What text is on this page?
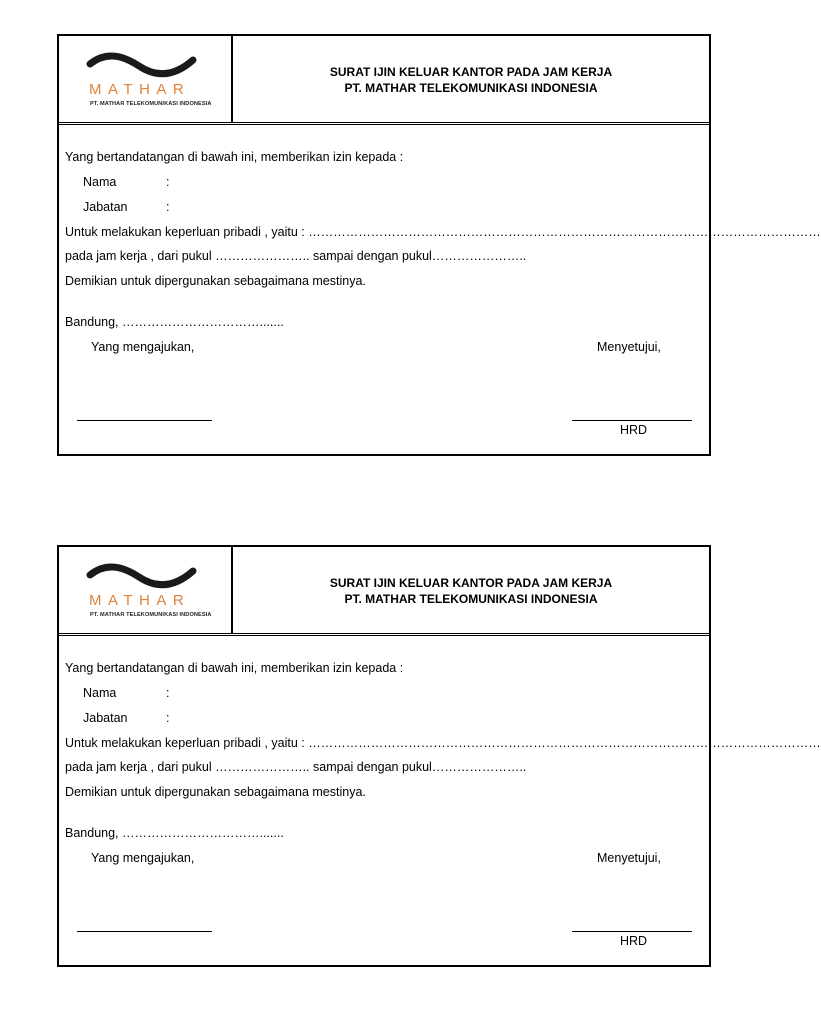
MATHAR
PT. MATHAR TELEKOMUNIKASI INDONESIA
SURAT IJIN KELUAR KANTOR PADA JAM KERJA
PT. MATHAR TELEKOMUNIKASI INDONESIA
Yang bertandatangan di bawah ini, memberikan izin kepada :
Nama	:
Jabatan	:
Untuk melakukan keperluan pribadi , yaitu : ……………………………………………………………………………………………………………
pada jam kerja , dari pukul ………………….. sampai dengan pukul…………………..
Demikian untuk dipergunakan sebagaimana mestinya.
Bandung, …………………………….......
Yang mengajukan,	Menyetujui,
HRD
MATHAR
PT. MATHAR TELEKOMUNIKASI INDONESIA
SURAT IJIN KELUAR KANTOR PADA JAM KERJA
PT. MATHAR TELEKOMUNIKASI INDONESIA
Yang bertandatangan di bawah ini, memberikan izin kepada :
Nama	:
Jabatan	:
Untuk melakukan keperluan pribadi , yaitu : ……………………………………………………………………………………………………………
pada jam kerja , dari pukul ………………….. sampai dengan pukul…………………..
Demikian untuk dipergunakan sebagaimana mestinya.
Bandung, …………………………….......
Yang mengajukan,	Menyetujui,
HRD
